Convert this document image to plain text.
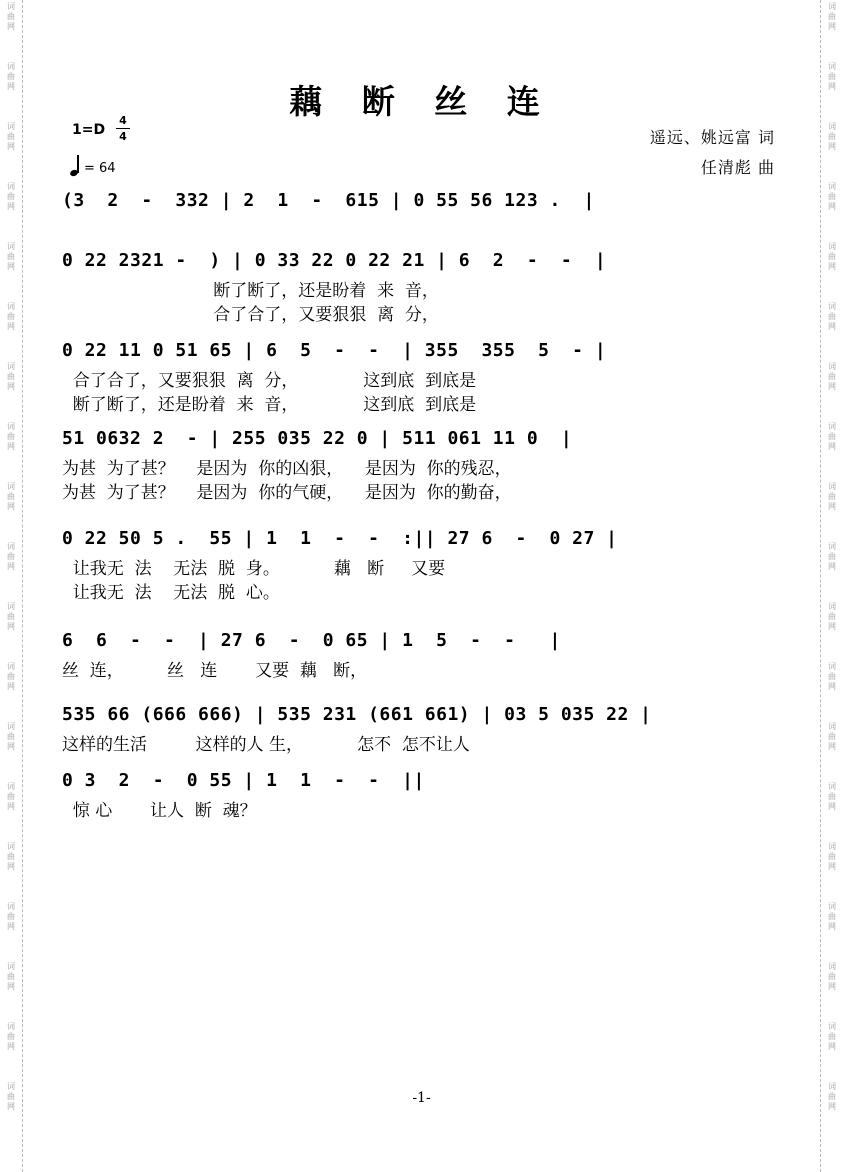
词
曲
网
词
曲
网
词
曲
网
词
曲
网
词
曲
网
词
曲
网
词
曲
网
词
曲
网
词
曲
网
词
曲
网
词
曲
网
词
曲
网
词
曲
网
词
曲
网
词
曲
网
词
曲
网
词
曲
网
词
曲
网
词
曲
网
词
曲
网
词
曲
网
词
曲
网
词
曲
网
词
曲
网
词
曲
网
词
曲
网
词
曲
网
词
曲
网
词
曲
网
词
曲
网
词
曲
网
词
曲
网
词
曲
网
词
曲
网
词
曲
网
词
曲
网
词
曲
网
词
曲
网
藕 断 丝 连
1=D
4
4
= 64
遥远、姚远富 词
任清彪 曲
(3  2  -  332 | 2  1  -  615 | 0 55 56 123 .  |
0 22 2321 -  ) | 0 33 22 0 22 21 | 6  2  -  -  |
断了断了，还是盼着  来  音，
合了合了，又要狠狠  离  分，
0 22 11 0 51 65 | 6  5  -  -  | 355  355  5  - |
合了合了，又要狠狠  离  分，            这到底  到底是
断了断了，还是盼着  来  音，            这到底  到底是
51 0632 2  - | 255 035 22 0 | 511 061 11 0  |
为甚  为了甚？    是因为  你的凶狠，    是因为  你的残忍，
为甚  为了甚？    是因为  你的气硬，    是因为  你的勤奋，
0 22 50 5 .  55 | 1  1  -  -  :|| 27 6  -  0 27 |
让我无  法    无法  脱  身。          藕   断     又要
让我无  法    无法  脱  心。
6  6  -  -  | 27 6  -  0 65 | 1  5  -  -   |
丝  连，        丝   连       又要  藕   断，
535 66 (666 666) | 535 231 (661 661) | 03 5 035 22 |
这样的生活         这样的人 生，          怎不  怎不让人
0 3  2  -  0 55 | 1  1  -  -  ||
惊 心       让人  断  魂？
-1-
